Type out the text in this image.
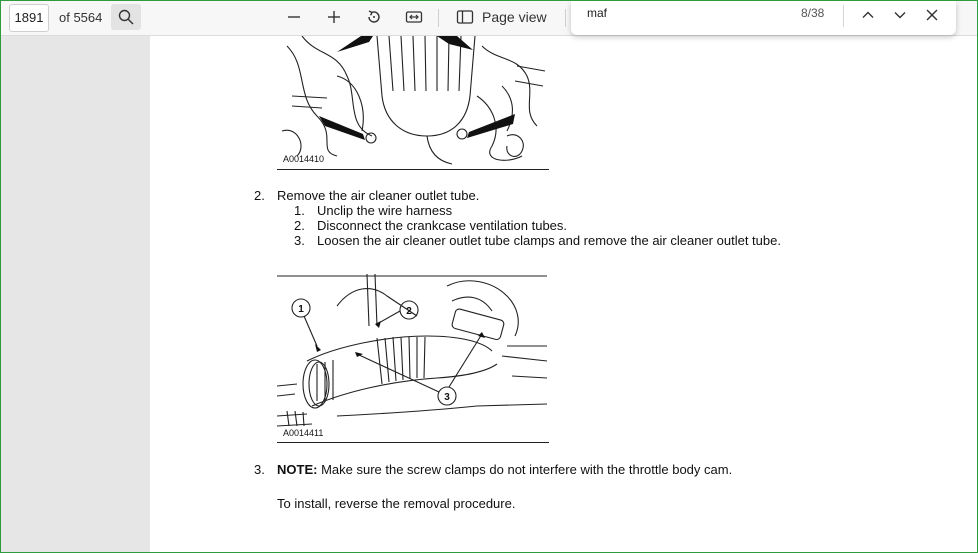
1891	of 5564	Page view	maf	8/38
A0014410
2. Remove the air cleaner outlet tube.
1. Unclip the wire harness
2. Disconnect the crankcase ventilation tubes.
3. Loosen the air cleaner outlet tube clamps and remove the air cleaner outlet tube.
1	2
3
A0014411
3. NOTE: Make sure the screw clamps do not interfere with the throttle body cam.
To install, reverse the removal procedure.
